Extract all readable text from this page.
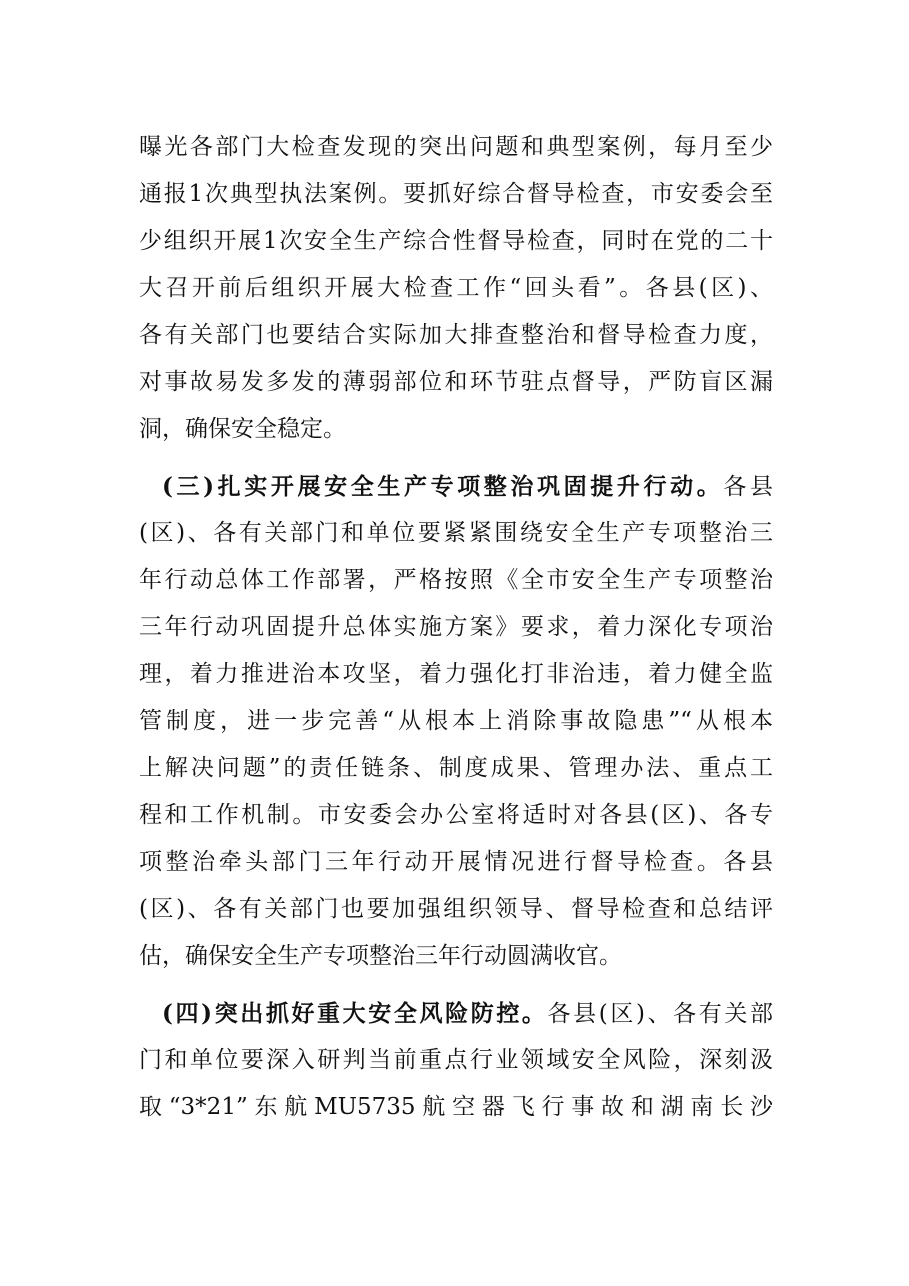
曝光各部门大检查发现的突出问题和典型案例，每月至少
通报1次典型执法案例。要抓好综合督导检查，市安委会至
少组织开展1次安全生产综合性督导检查，同时在党的二十
大召开前后组织开展大检查工作“回头看”。各县(区)、
各有关部门也要结合实际加大排查整治和督导检查力度，
对事故易发多发的薄弱部位和环节驻点督导，严防盲区漏
洞，确保安全稳定。
(三)扎实开展安全生产专项整治巩固提升行动。各县
(区)、各有关部门和单位要紧紧围绕安全生产专项整治三
年行动总体工作部署，严格按照《全市安全生产专项整治
三年行动巩固提升总体实施方案》要求，着力深化专项治
理，着力推进治本攻坚，着力强化打非治违，着力健全监
管制度，进一步完善“从根本上消除事故隐患”“从根本
上解决问题”的责任链条、制度成果、管理办法、重点工
程和工作机制。市安委会办公室将适时对各县(区)、各专
项整治牵头部门三年行动开展情况进行督导检查。各县
(区)、各有关部门也要加强组织领导、督导检查和总结评
估，确保安全生产专项整治三年行动圆满收官。
(四)突出抓好重大安全风险防控。各县(区)、各有关部
门和单位要深入研判当前重点行业领域安全风险，深刻汲
取“3*21”东航MU5735航空器飞行事故和湖南长沙
